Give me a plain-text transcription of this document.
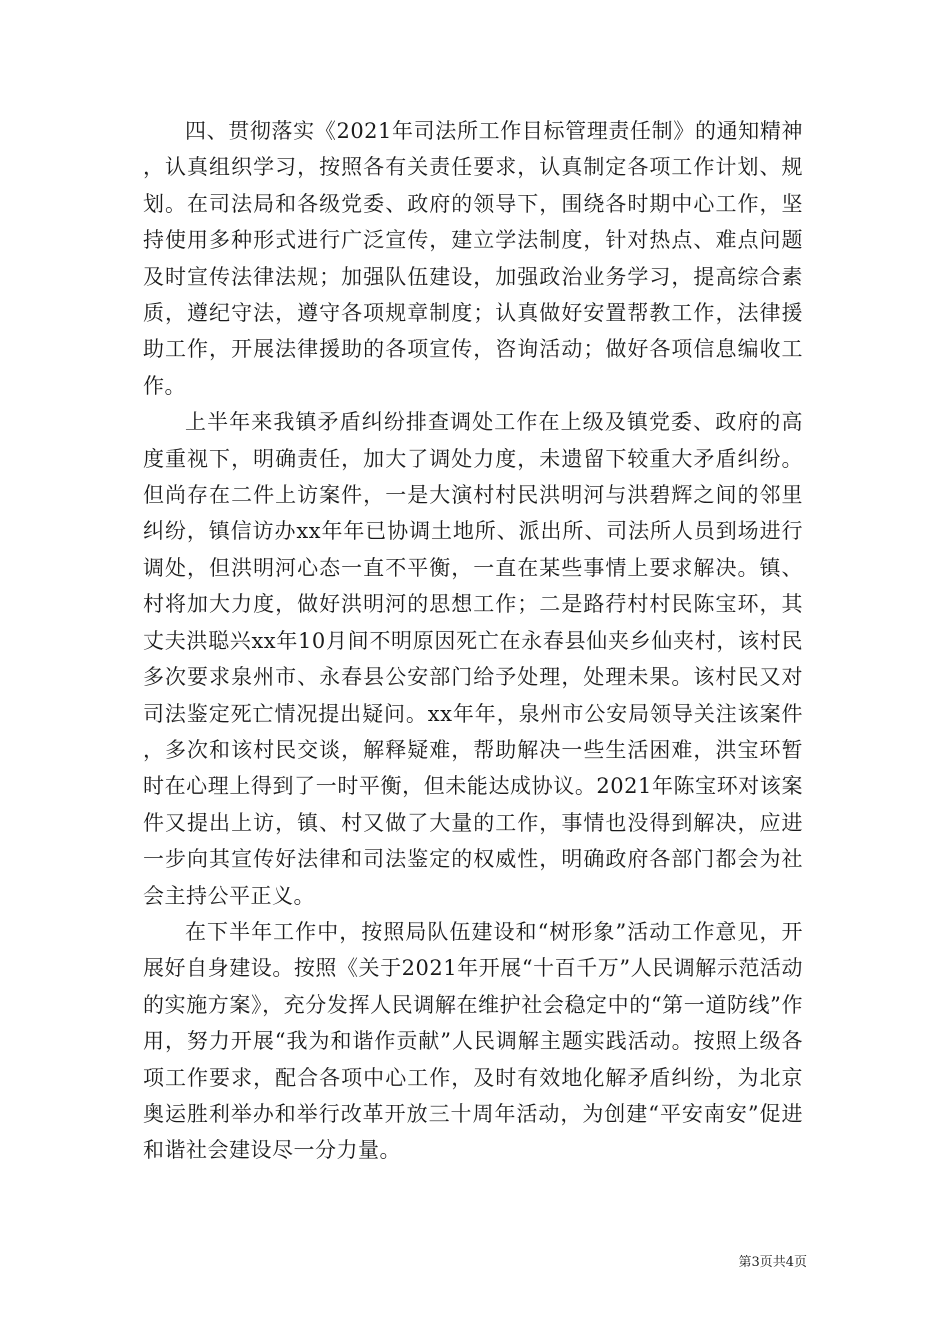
四、贯彻落实《2021年司法所工作目标管理责任制》的通知精神，认真组织学习，按照各有关责任要求，认真制定各项工作计划、规划。在司法局和各级党委、政府的领导下，围绕各时期中心工作，坚持使用多种形式进行广泛宣传，建立学法制度，针对热点、难点问题及时宣传法律法规；加强队伍建设，加强政治业务学习，提高综合素质，遵纪守法，遵守各项规章制度；认真做好安置帮教工作，法律援助工作，开展法律援助的各项宣传，咨询活动；做好各项信息编收工作。

上半年来我镇矛盾纠纷排查调处工作在上级及镇党委、政府的高度重视下，明确责任，加大了调处力度，未遗留下较重大矛盾纠纷。但尚存在二件上访案件，一是大演村村民洪明河与洪碧辉之间的邻里纠纷，镇信访办xx年年已协调土地所、派出所、司法所人员到场进行调处，但洪明河心态一直不平衡，一直在某些事情上要求解决。镇、村将加大力度，做好洪明河的思想工作；二是路荇村村民陈宝环，其丈夫洪聪兴xx年10月间不明原因死亡在永春县仙夹乡仙夹村，该村民多次要求泉州市、永春县公安部门给予处理，处理未果。该村民又对司法鉴定死亡情况提出疑问。xx年年，泉州市公安局领导关注该案件，多次和该村民交谈，解释疑难，帮助解决一些生活困难，洪宝环暂时在心理上得到了一时平衡，但未能达成协议。2021年陈宝环对该案件又提出上访，镇、村又做了大量的工作，事情也没得到解决，应进一步向其宣传好法律和司法鉴定的权威性，明确政府各部门都会为社会主持公平正义。

在下半年工作中，按照局队伍建设和“树形象”活动工作意见，开展好自身建设。按照《关于2021年开展“十百千万”人民调解示范活动的实施方案》，充分发挥人民调解在维护社会稳定中的“第一道防线”作用，努力开展“我为和谐作贡献”人民调解主题实践活动。按照上级各项工作要求，配合各项中心工作，及时有效地化解矛盾纠纷，为北京奥运胜利举办和举行改革开放三十周年活动，为创建“平安南安”促进和谐社会建设尽一分力量。

第3页共4页
